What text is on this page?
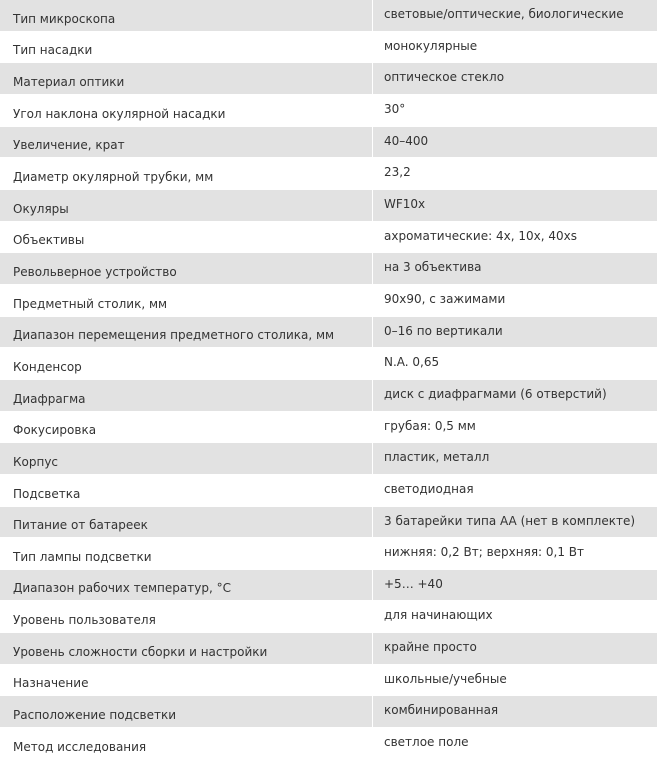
Тип микроскопа	световые/оптические, биологические
Тип насадки	монокулярные
Материал оптики	оптическое стекло
Угол наклона окулярной насадки	30°
Увеличение, крат	40–400
Диаметр окулярной трубки, мм	23,2
Окуляры	WF10x
Объективы	ахроматические: 4x, 10x, 40xs
Револьверное устройство	на 3 объектива
Предметный столик, мм	90x90, с зажимами
Диапазон перемещения предметного столика, мм	0–16 по вертикали
Конденсор	N.A. 0,65
Диафрагма	диск с диафрагмами (6 отверстий)
Фокусировка	грубая: 0,5 мм
Корпус	пластик, металл
Подсветка	светодиодная
Питание от батареек	3 батарейки типа AA (нет в комплекте)
Тип лампы подсветки	нижняя: 0,2 Вт; верхняя: 0,1 Вт
Диапазон рабочих температур, °C	+5… +40
Уровень пользователя	для начинающих
Уровень сложности сборки и настройки	крайне просто
Назначение	школьные/учебные
Расположение подсветки	комбинированная
Метод исследования	светлое поле
